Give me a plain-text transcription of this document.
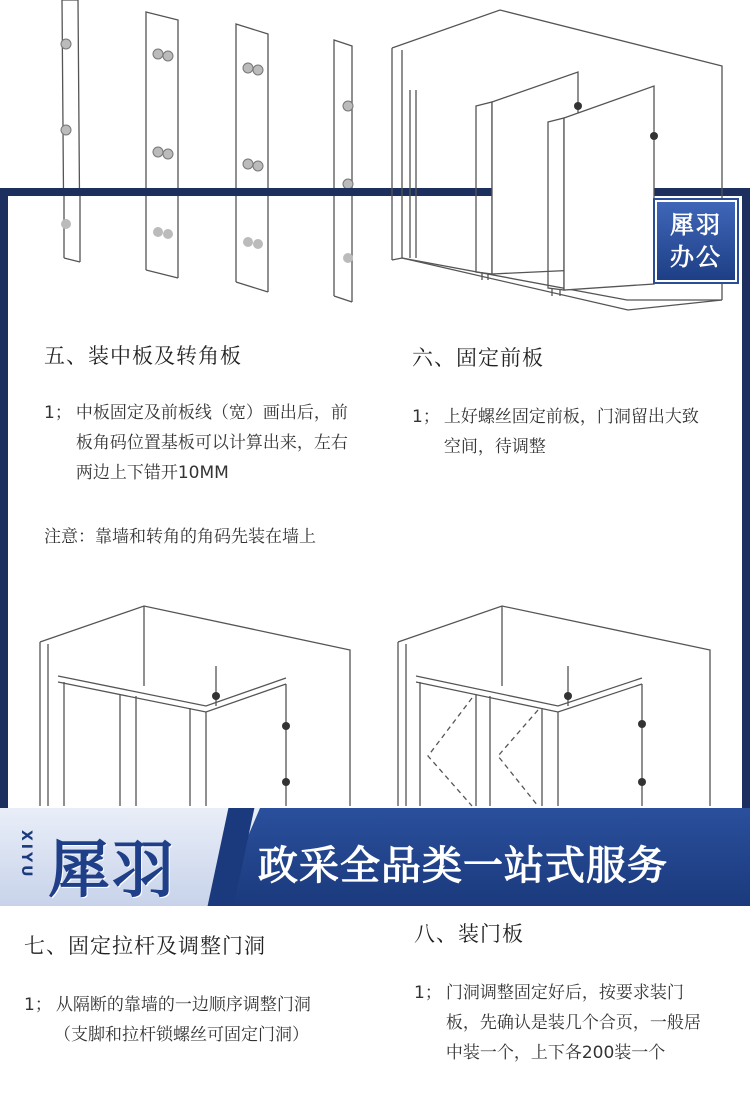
犀羽
办公
五、装中板及转角板
1； 中板固定及前板线（宽）画出后，前板角码位置基板可以计算出来，左右两边上下错开10MM
注意：靠墙和转角的角码先装在墙上
六、固定前板
1； 上好螺丝固定前板，门洞留出大致空间，待调整
XIYU 犀羽 政采全品类一站式服务
七、固定拉杆及调整门洞
1； 从隔断的靠墙的一边顺序调整门洞
（支脚和拉杆锁螺丝可固定门洞）
八、装门板
1； 门洞调整固定好后，按要求装门板，先确认是装几个合页，一般居中装一个，上下各200装一个
